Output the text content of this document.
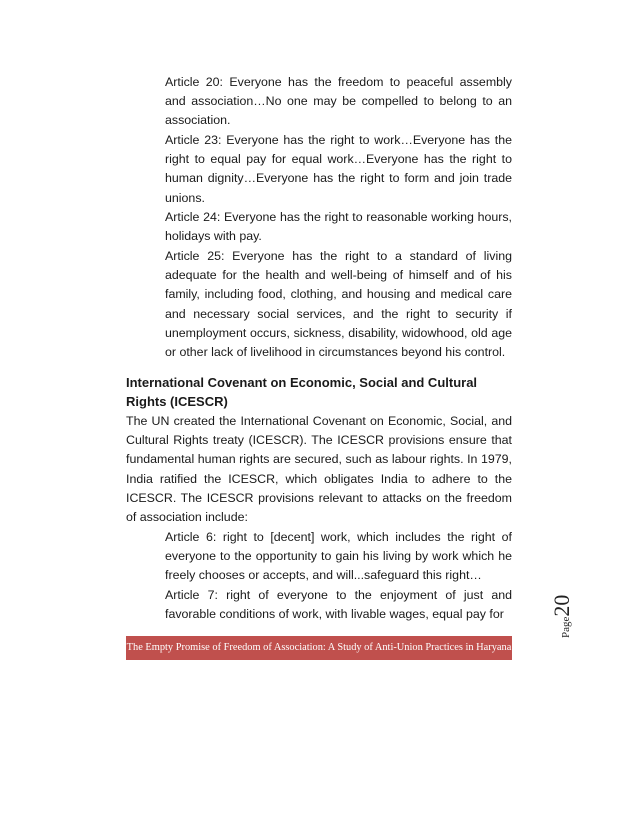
Article 20: Everyone has the freedom to peaceful assembly and association…No one may be compelled to belong to an association.
Article 23: Everyone has the right to work…Everyone has the right to equal pay for equal work…Everyone has the right to human dignity…Everyone has the right to form and join trade unions.
Article 24: Everyone has the right to reasonable working hours, holidays with pay.
Article 25: Everyone has the right to a standard of living adequate for the health and well-being of himself and of his family, including food, clothing, and housing and medical care and necessary social services, and the right to security if unemployment occurs, sickness, disability, widowhood, old age or other lack of livelihood in circumstances beyond his control.
International Covenant on Economic, Social and Cultural Rights (ICESCR)
The UN created the International Covenant on Economic, Social, and Cultural Rights treaty (ICESCR). The ICESCR provisions ensure that fundamental human rights are secured, such as labour rights. In 1979, India ratified the ICESCR, which obligates India to adhere to the ICESCR. The ICESCR provisions relevant to attacks on the freedom of association include:
Article 6: right to [decent] work, which includes the right of everyone to the opportunity to gain his living by work which he freely chooses or accepts, and will...safeguard this right…
Article 7: right of everyone to the enjoyment of just and favorable conditions of work, with livable wages, equal pay for
Page20
The Empty Promise of Freedom of Association: A Study of Anti-Union Practices in Haryana
